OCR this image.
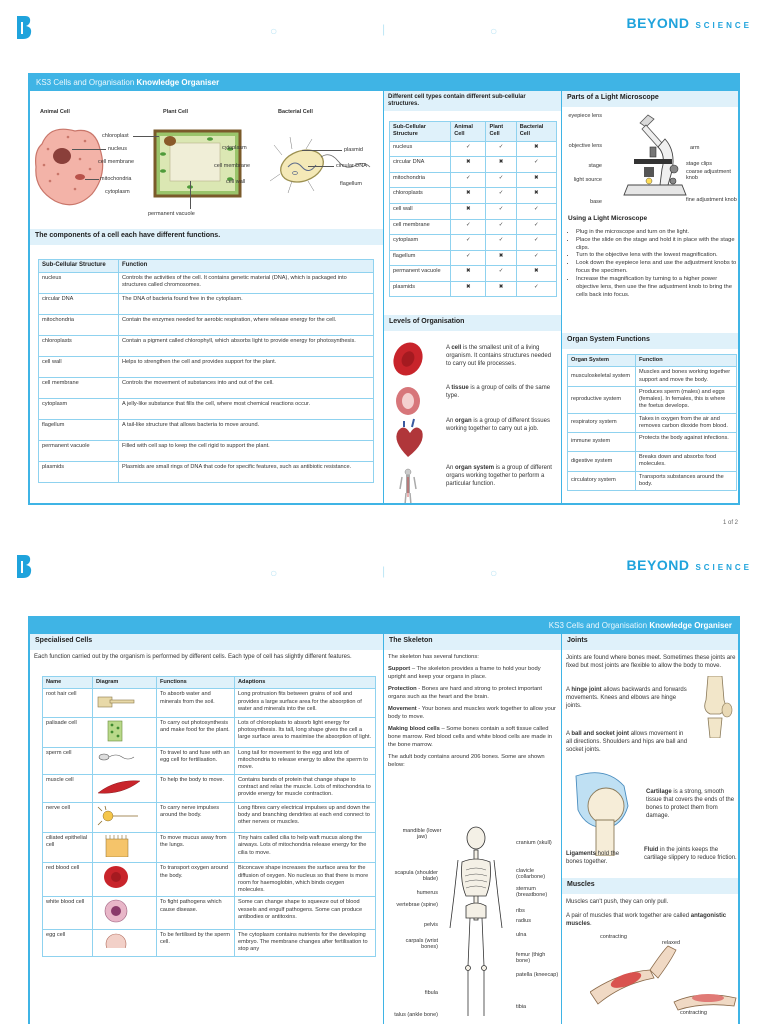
BEYOND SCIENCE
○	|	○
KS3 Cells and Organisation Knowledge Organiser
Animal Cell	Plant Cell	Bacterial Cell
chloroplast
nucleus
cell membrane
mitochondria
cytoplasm
permanent vacuole
cytoplasm
cell membrane
cell wall
plasmid
circular DNA
flagellum
The components of a cell each have different functions.
Sub-Cellular Structure	Function
nucleus	Controls the activities of the cell. It contains genetic material (DNA), which is packaged into structures called chromosomes.
circular DNA	The DNA of bacteria found free in the cytoplasm.
mitochondria	Contain the enzymes needed for aerobic respiration, where release energy for the cell.
chloroplasts	Contain a pigment called chlorophyll, which absorbs light to provide energy for photosynthesis.
cell wall	Helps to strengthen the cell and provides support for the plant.
cell membrane	Controls the movement of substances into and out of the cell.
cytoplasm	A jelly-like substance that fills the cell, where most chemical reactions occur.
flagellum	A tail-like structure that allows bacteria to move around.
permanent vacuole	Filled with cell sap to keep the cell rigid to support the plant.
plasmids	Plasmids are small rings of DNA that code for specific features, such as antibiotic resistance.
Different cell types contain different sub-cellular structures.
Sub-Cellular Structure	Animal Cell	Plant Cell	Bacterial Cell
nucleus	✓	✓	✖
circular DNA	✖	✖	✓
mitochondria	✓	✓	✖
chloroplasts	✖	✓	✖
cell wall	✖	✓	✓
cell membrane	✓	✓	✓
cytoplasm	✓	✓	✓
flagellum	✓	✖	✓
permanent vacuole	✖	✓	✖
plasmids	✖	✖	✓
Levels of Organisation
A cell is the smallest unit of a living organism. It contains structures needed to carry out life processes.
A tissue is a group of cells of the same type.
An organ is a group of different tissues working together to carry out a job.
An organ system is a group of different organs working together to perform a particular function.
Parts of a Light Microscope
eyepiece lens
objective lens
stage
light source
base
arm
stage clips
coarse adjustment knob
fine adjustment knob
Using a Light Microscope
• Plug in the microscope and turn on the light.
• Place the slide on the stage and hold it in place with the stage clips.
• Turn to the objective lens with the lowest magnification.
• Look down the eyepiece lens and use the adjustment knobs to focus the specimen.
• Increase the magnification by turning to a higher power objective lens, then use the fine adjustment knob to bring the cells back into focus.
Organ System Functions
Organ System	Function
musculoskeletal system	Muscles and bones working together support and move the body.
reproductive system	Produces sperm (males) and eggs (females). In females, this is where the foetus develops.
respiratory system	Takes in oxygen from the air and removes carbon dioxide from blood.
immune system	Protects the body against infections.
digestive system	Breaks down and absorbs food molecules.
circulatory system	Transports substances around the body.
1 of 2
BEYOND SCIENCE
○	|	○
KS3 Cells and Organisation Knowledge Organiser
Specialised Cells
Each function carried out by the organism is performed by different cells. Each type of cell has slightly different features.
Name	Diagram	Functions	Adaptions
root hair cell		To absorb water and minerals from the soil.	Long protrusion fits between grains of soil and provides a large surface area for the absorption of water and minerals into the cell.
palisade cell		To carry out photosynthesis and make food for the plant.	Lots of chloroplasts to absorb light energy for photosynthesis. Its tall, long shape gives the cell a large surface area to maximise the absorption of light.
sperm cell		To travel to and fuse with an egg cell for fertilisation.	Long tail for movement to the egg and lots of mitochondria to release energy to allow the sperm to move.
muscle cell		To help the body to move.	Contains bands of protein that change shape to contract and relax the muscle. Lots of mitochondria to provide energy for muscle contraction.
nerve cell		To carry nerve impulses around the body.	Long fibres carry electrical impulses up and down the body and branching dendrites at each end connect to other nerves or muscles.
ciliated epithelial cell		To move mucus away from the lungs.	Tiny hairs called cilia to help waft mucus along the airways. Lots of mitochondria release energy for the cilia to move.
red blood cell		To transport oxygen around the body.	Biconcave shape increases the surface area for the diffusion of oxygen. No nucleus so that there is more room for haemoglobin, which binds oxygen molecules.
white blood cell		To fight pathogens which cause disease.	Some can change shape to squeeze out of blood vessels and engulf pathogens. Some can produce antibodies or antitoxins.
egg cell		To be fertilised by the sperm cell.	The cytoplasm contains nutrients for the developing embryo. The membrane changes after fertilisation to stop any
The Skeleton

The skeleton has several functions:

Support – The skeleton provides a frame to hold your body upright and keep your organs in place.

Protection - Bones are hard and strong to protect important organs such as the heart and the brain.

Movement - Your bones and muscles work together to allow your body to move.

Making blood cells – Some bones contain a soft tissue called bone marrow. Red blood cells and white blood cells are made in the bone marrow.

The adult body contains around 206 bones. Some are shown below:

mandible (lower jaw)
scapula (shoulder blade)
humerus
vertebrae (spine)
pelvis
carpals (wrist bones)
fibula
talus (ankle bone)
cranium (skull)
clavicle (collarbone)
sternum (breastbone)
ribs
radius
ulna
femur (thigh bone)
patella (kneecap)
tibia
Joints
Joints are found where bones meet. Sometimes these joints are fixed but most joints are flexible to allow the body to move.
A hinge joint allows backwards and forwards movements. Knees and elbows are hinge joints.
A ball and socket joint allows movement in all directions. Shoulders and hips are ball and socket joints.
Cartilage is a strong, smooth tissue that covers the ends of the bones to protect them from damage.
Ligaments hold the bones together.
Fluid in the joints keeps the cartilage slippery to reduce friction.
Muscles
Muscles can't push, they can only pull.
A pair of muscles that work together are called antagonistic muscles.
contracting
relaxed
contracting
